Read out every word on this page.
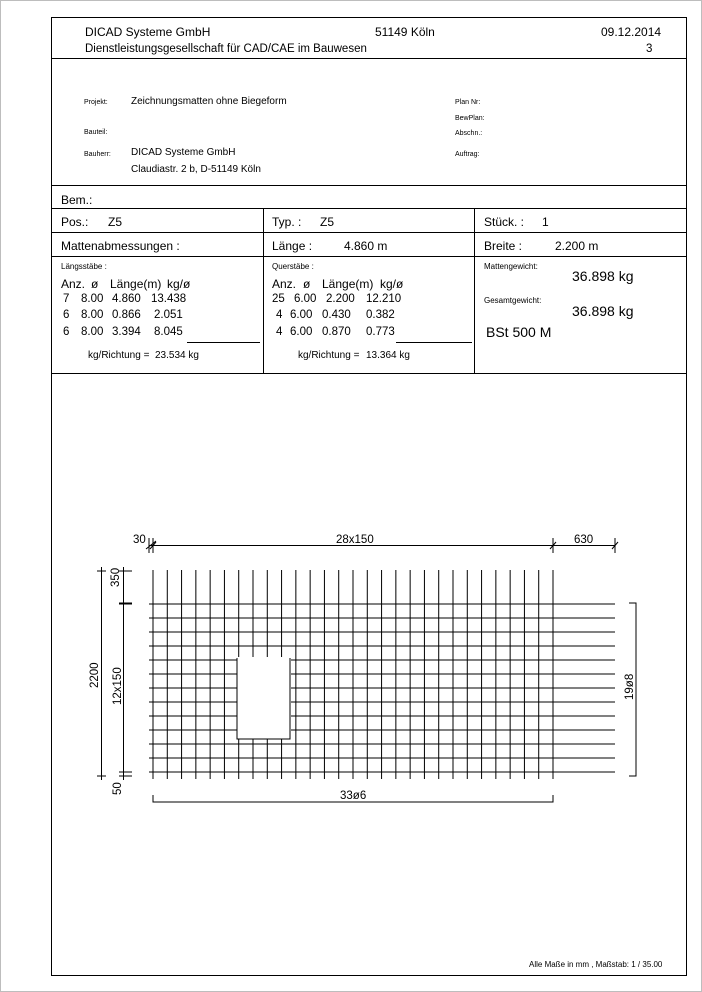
DICAD Systeme GmbH	51149 Köln	09.12.2014
Dienstleistungsgesellschaft für CAD/CAE im Bauwesen	3
Projekt: Zeichnungsmatten ohne Biegeform
Bauteil:
Bauherr: DICAD Systeme GmbH
Claudiastr. 2 b, D-51149 Köln
Plan Nr:
BewPlan:
Abschn.:
Auftrag:
Bem.:
Pos.: Z5	Typ. : Z5	Stück. : 1
Mattenabmessungen :	Länge :	4.860 m	Breite :	2.200 m
Längsstäbe :
Anz. ø Länge(m) kg/ø
7 8.00 4.860 13.438
6 8.00 0.866 2.051
6 8.00 3.394 8.045
kg/Richtung = 23.534 kg
Querstäbe :
Anz. ø Länge(m) kg/ø
25 6.00 2.200 12.210
4 6.00 0.430 0.382
4 6.00 0.870 0.773
kg/Richtung = 13.364 kg
Mattengewicht:
36.898 kg
Gesamtgewicht:
36.898 kg
BSt 500 M
30	28x150	630
350
2200 12x150
50
33ø6
19ø8
Alle Maße in mm , Maßstab: 1 / 35.00
